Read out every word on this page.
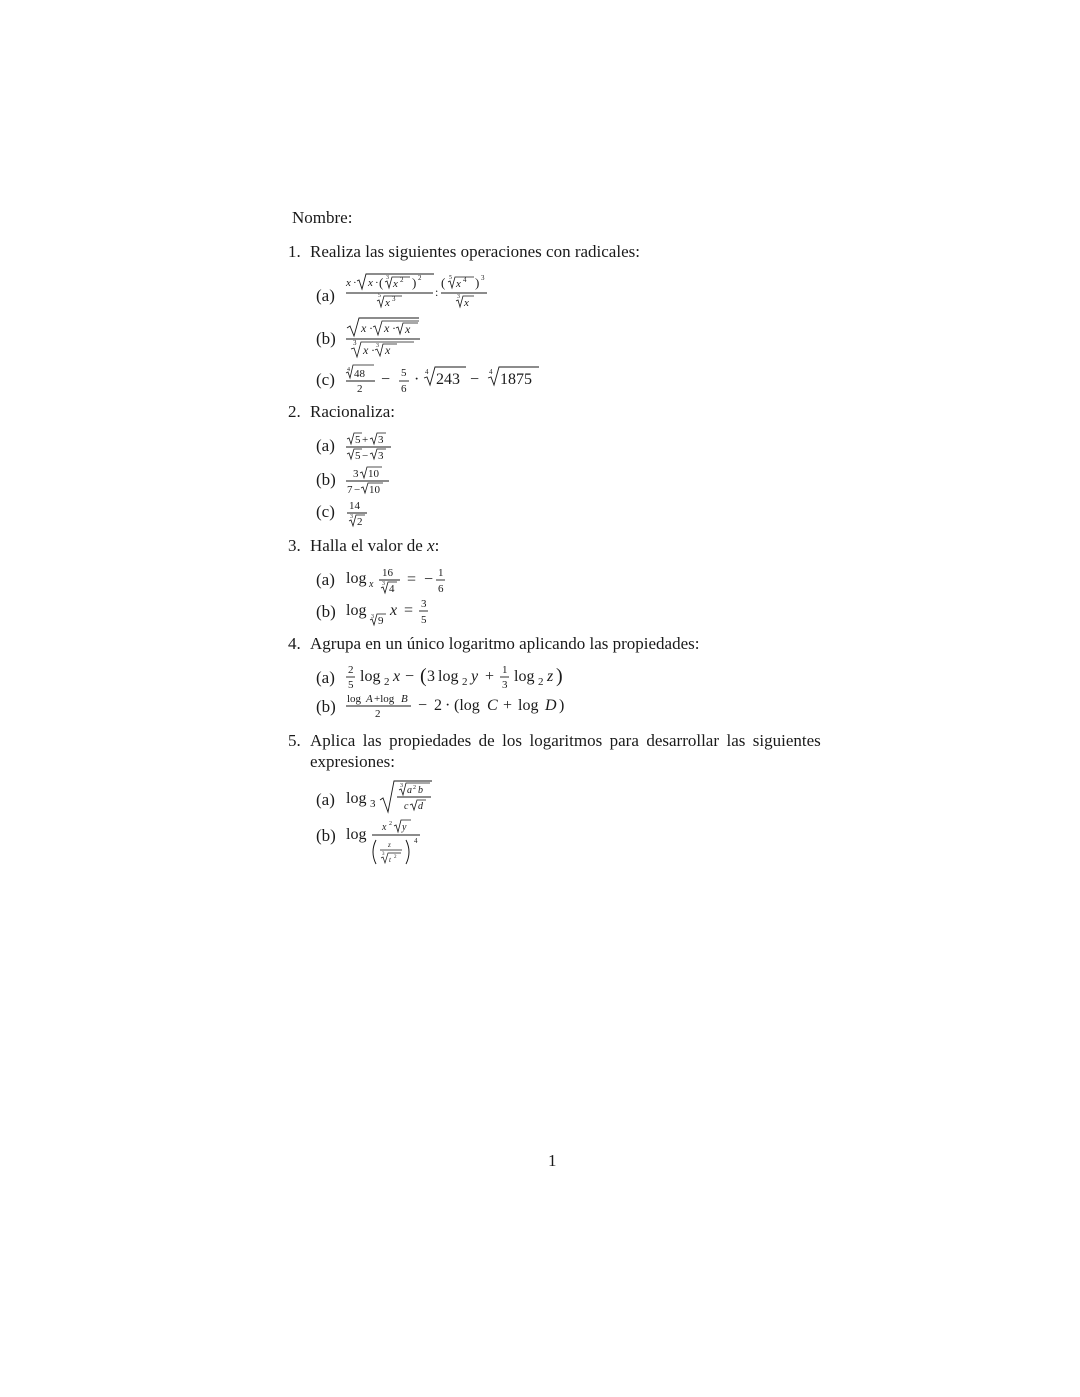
Nombre:
1. Realiza las siguientes operaciones con radicales:
(a)
x · x · ( 3 x 2 ) 2
5
x 3	:
( 5 x 4 ) 3
3 x
(b)
x · x · x
3 x · 3 x
(c) 4 48
2
− 5
6
· 4 243 − 4 1875
2. Racionaliza:
(a) 5 + 3
5 − 3
(b) 3 10
7 − 10
(c) 14
3 2
3. Halla el valor de x:
(a) log x
16
3 4
= − 1
6
(b) log 3 9
x = 3
5
4. Agrupa en un único logaritmo aplicando las propiedades:
(a) 2
5 log 2 x − ( 3 log 2 y + 1
3 log 2 z )
(b) log A +log B
2 − 2 · (log C + log D )
5. Aplica las propiedades de los logaritmos para desarrollar las siguientes
expresiones:
(a) log 3
3 a 2 b
c d
(b) log x 2 y
z
3
t 2
4
1
